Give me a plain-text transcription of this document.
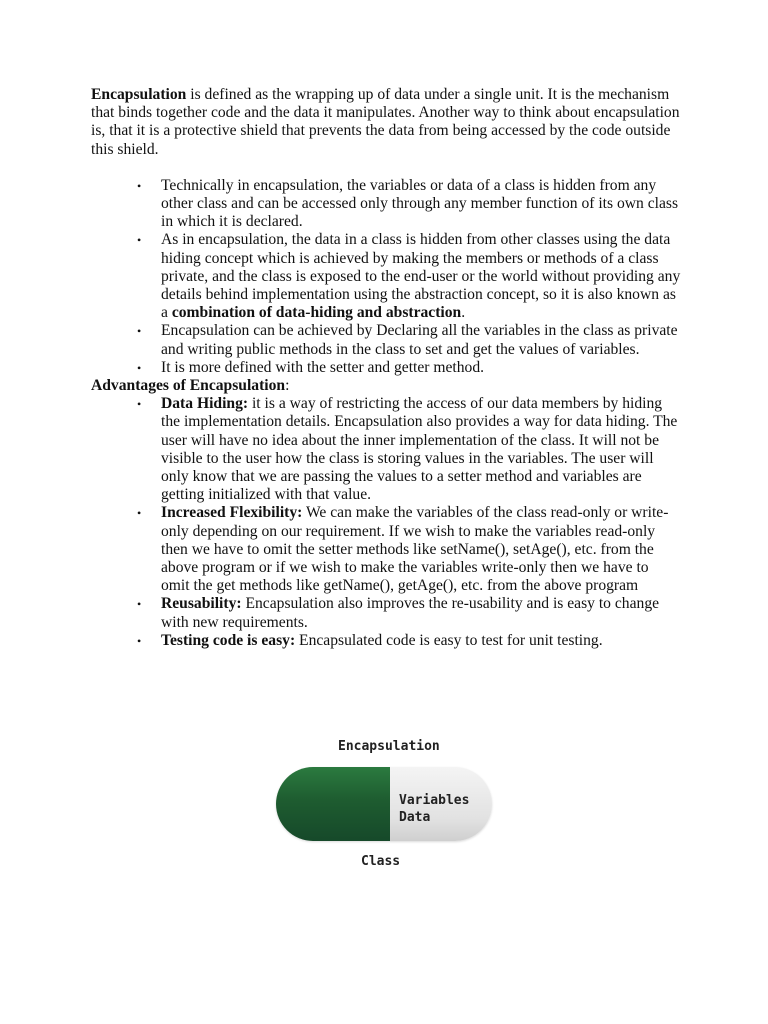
Encapsulation is defined as the wrapping up of data under a single unit. It is the mechanism that binds together code and the data it manipulates. Another way to think about encapsulation is, that it is a protective shield that prevents the data from being accessed by the code outside this shield.

• Technically in encapsulation, the variables or data of a class is hidden from any other class and can be accessed only through any member function of its own class in which it is declared.
• As in encapsulation, the data in a class is hidden from other classes using the data hiding concept which is achieved by making the members or methods of a class private, and the class is exposed to the end-user or the world without providing any details behind implementation using the abstraction concept, so it is also known as a combination of data-hiding and abstraction.
• Encapsulation can be achieved by Declaring all the variables in the class as private and writing public methods in the class to set and get the values of variables.
• It is more defined with the setter and getter method.

Advantages of Encapsulation:

• Data Hiding: it is a way of restricting the access of our data members by hiding the implementation details. Encapsulation also provides a way for data hiding. The user will have no idea about the inner implementation of the class. It will not be visible to the user how the class is storing values in the variables. The user will only know that we are passing the values to a setter method and variables are getting initialized with that value.
• Increased Flexibility: We can make the variables of the class read-only or write-only depending on our requirement. If we wish to make the variables read-only then we have to omit the setter methods like setName(), setAge(), etc. from the above program or if we wish to make the variables write-only then we have to omit the get methods like getName(), getAge(), etc. from the above program
• Reusability: Encapsulation also improves the re-usability and is easy to change with new requirements.
• Testing code is easy: Encapsulated code is easy to test for unit testing.
Encapsulation
Variables
Data
Class
